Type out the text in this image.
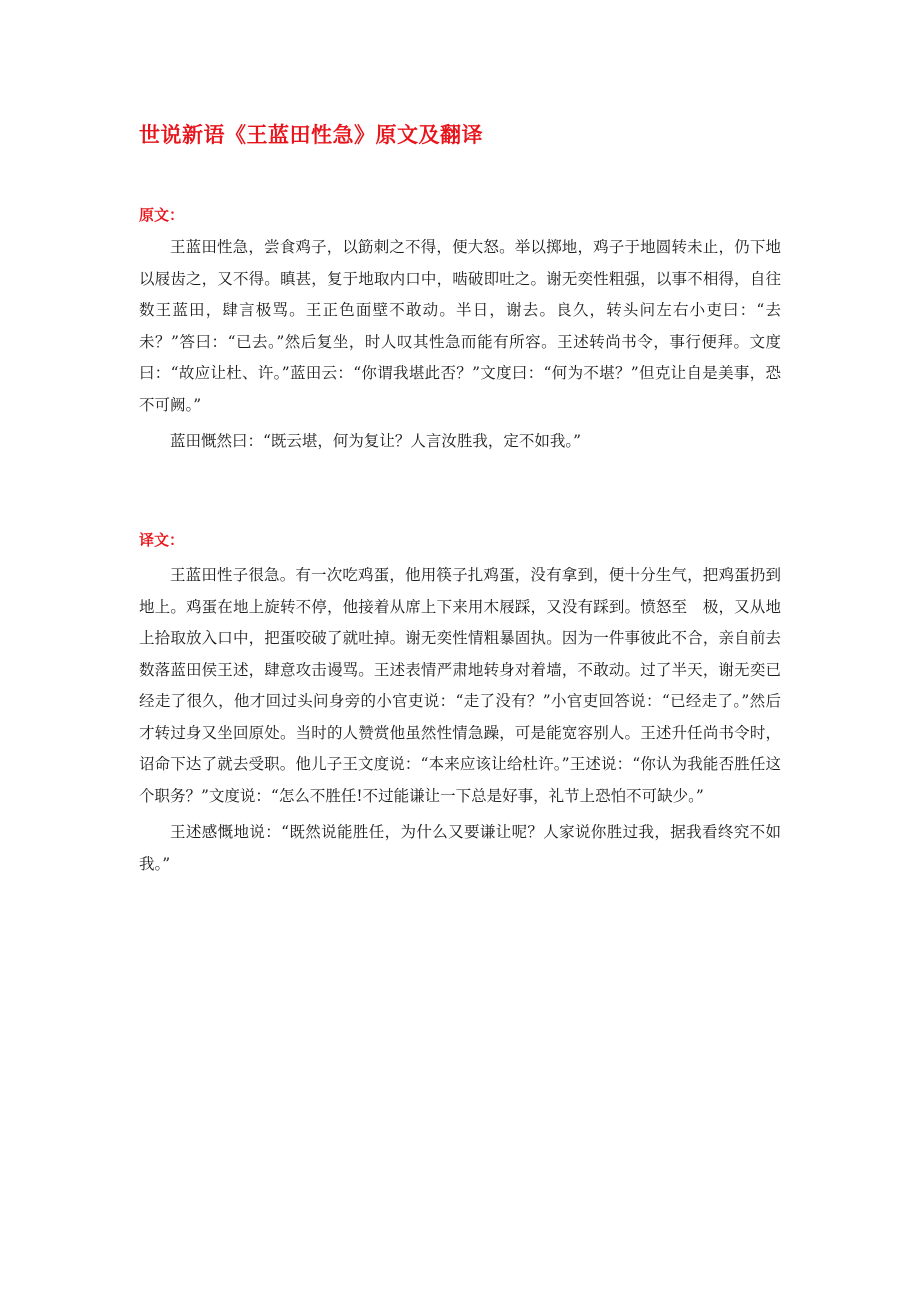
世说新语《王蓝田性急》原文及翻译
原文：

王蓝田性急，尝食鸡子，以筯刺之不得，便大怒。举以掷地，鸡子于地圆转未止，仍下地以屐齿之，又不得。瞋甚，复于地取内口中，啮破即吐之。谢无奕性粗强，以事不相得，自往数王蓝田，肆言极骂。王正色面壁不敢动。半日，谢去。良久，转头问左右小吏曰：“去未？”答曰：“已去。”然后复坐，时人叹其性急而能有所容。王述转尚书令，事行便拜。文度曰：“故应让杜、许。”蓝田云：“你谓我堪此否？”文度曰：“何为不堪？”但克让自是美事，恐不可阙。”

蓝田慨然曰：“既云堪，何为复让？人言汝胜我，定不如我。”

译文：

王蓝田性子很急。有一次吃鸡蛋，他用筷子扎鸡蛋，没有拿到，便十分生气，把鸡蛋扔到地上。鸡蛋在地上旋转不停，他接着从席上下来用木屐踩，又没有踩到。愤怒至　极，又从地上拾取放入口中，把蛋咬破了就吐掉。谢无奕性情粗暴固执。因为一件事彼此不合，亲自前去数落蓝田侯王述，肆意攻击谩骂。王述表情严肃地转身对着墙，不敢动。过了半天，谢无奕已经走了很久，他才回过头问身旁的小官吏说：“走了没有？”小官吏回答说：“已经走了。”然后才转过身又坐回原处。当时的人赞赏他虽然性情急躁，可是能宽容别人。王述升任尚书令时，诏命下达了就去受职。他儿子王文度说：“本来应该让给杜许。”王述说：“你认为我能否胜任这个职务？”文度说：“怎么不胜任!不过能谦让一下总是好事，礼节上恐怕不可缺少。”

王述感慨地说：“既然说能胜任，为什么又要谦让呢？人家说你胜过我，据我看终究不如我。”
